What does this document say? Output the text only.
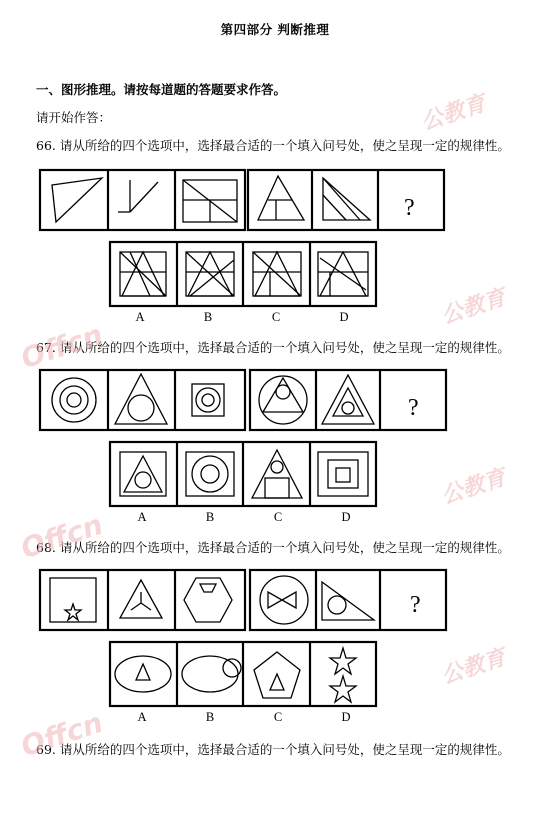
第四部分 判断推理
一、图形推理。请按每道题的答题要求作答。
请开始作答：
66. 请从所给的四个选项中，选择最合适的一个填入问号处，使之呈现一定的规律性。
?
A	B	C	D
67. 请从所给的四个选项中，选择最合适的一个填入问号处，使之呈现一定的规律性。
?
A	B	C	D
68. 请从所给的四个选项中，选择最合适的一个填入问号处，使之呈现一定的规律性。
?
A	B	C	D
69. 请从所给的四个选项中，选择最合适的一个填入问号处，使之呈现一定的规律性。
公教育
Offcn
公教育
Offcn
公教育
Offcn
公教育
